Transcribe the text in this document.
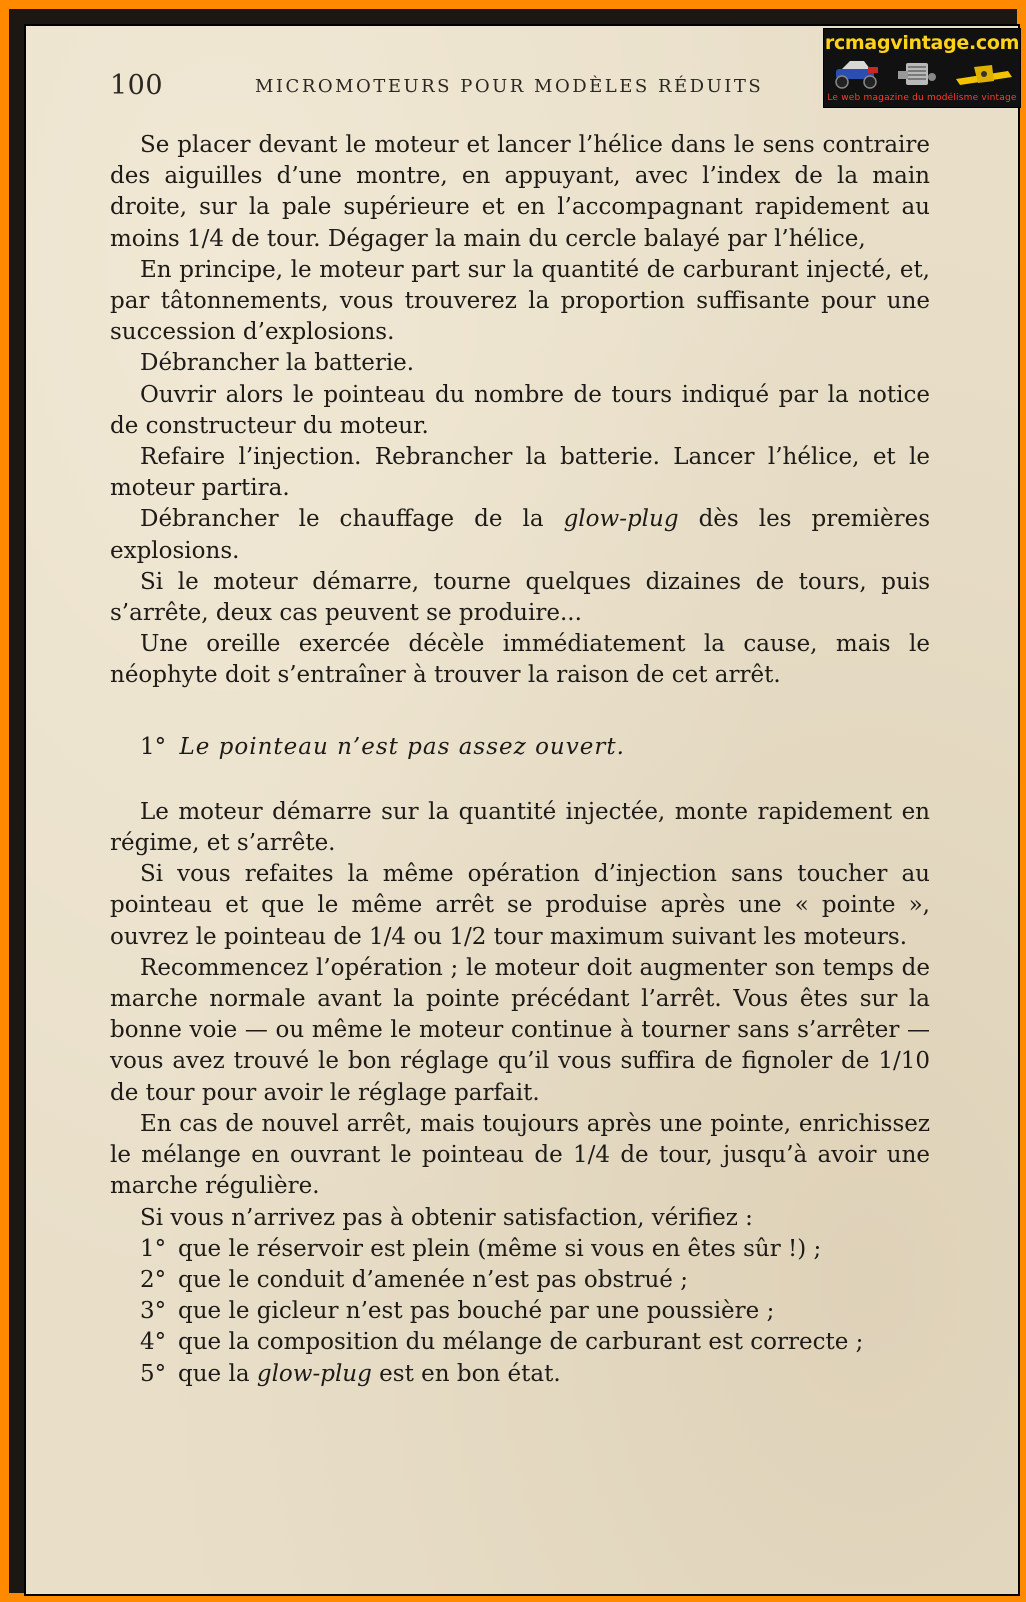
100	MICROMOTEURS POUR MODÈLES RÉDUITS
rcmagvintage.com
Le web magazine du modélisme vintage

Se placer devant le moteur et lancer l’hélice dans le sens contraire des aiguilles d’une montre, en appuyant, avec l’index de la main droite, sur la pale supérieure et en l’accompagnant rapidement au moins 1/4 de tour. Dégager la main du cercle balayé par l’hélice,

En principe, le moteur part sur la quantité de carburant injecté, et, par tâtonnements, vous trouverez la proportion suffisante pour une succession d’explosions.

Débrancher la batterie.

Ouvrir alors le pointeau du nombre de tours indiqué par la notice de constructeur du moteur.

Refaire l’injection. Rebrancher la batterie. Lancer l’hélice, et le moteur partira.

Débrancher le chauffage de la glow-plug dès les premières explosions.

Si le moteur démarre, tourne quelques dizaines de tours, puis s’arrête, deux cas peuvent se produire...

Une oreille exercée décèle immédiatement la cause, mais le néophyte doit s’entraîner à trouver la raison de cet arrêt.

1° Le pointeau n’est pas assez ouvert.

Le moteur démarre sur la quantité injectée, monte rapidement en régime, et s’arrête.

Si vous refaites la même opération d’injection sans toucher au pointeau et que le même arrêt se produise après une « pointe », ouvrez le pointeau de 1/4 ou 1/2 tour maximum suivant les moteurs.

Recommencez l’opération ; le moteur doit augmenter son temps de marche normale avant la pointe précédant l’arrêt. Vous êtes sur la bonne voie — ou même le moteur continue à tourner sans s’arrêter — vous avez trouvé le bon réglage qu’il vous suffira de fignoler de 1/10 de tour pour avoir le réglage parfait.

En cas de nouvel arrêt, mais toujours après une pointe, enrichissez le mélange en ouvrant le pointeau de 1/4 de tour, jusqu’à avoir une marche régulière.

Si vous n’arrivez pas à obtenir satisfaction, vérifiez :

1° que le réservoir est plein (même si vous en êtes sûr !) ;
2° que le conduit d’amenée n’est pas obstrué ;
3° que le gicleur n’est pas bouché par une poussière ;
4° que la composition du mélange de carburant est correcte ;
5° que la glow-plug est en bon état.
